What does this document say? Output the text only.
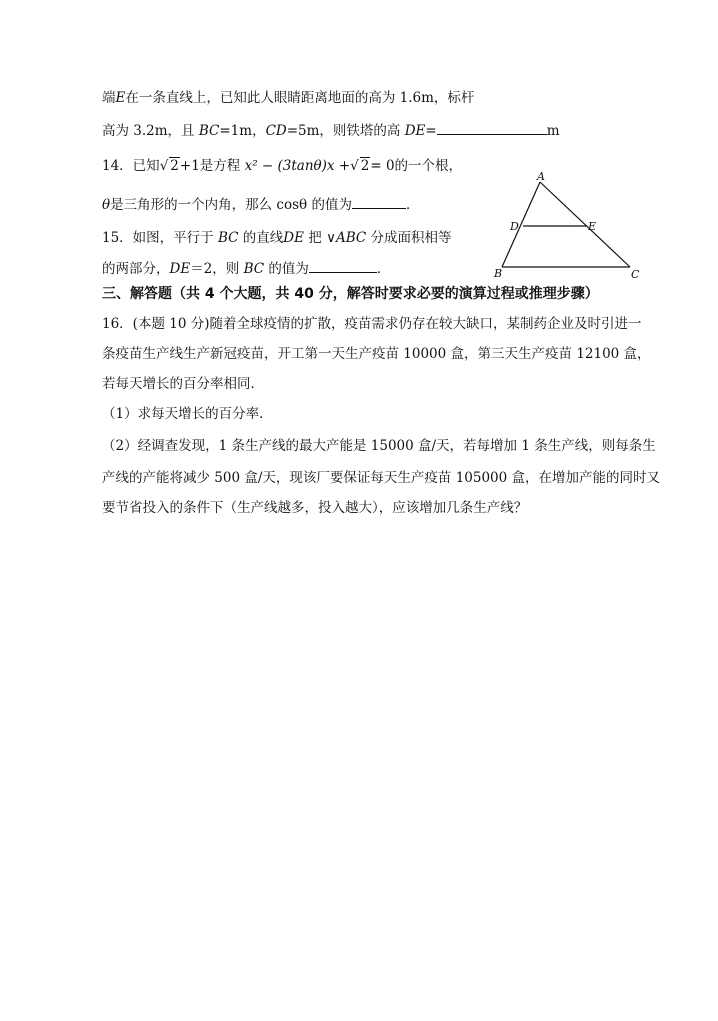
端E在一条直线上，已知此人眼睛距离地面的高为 1.6m，标杆
高为 3.2m，且 BC=1m，CD=5m，则铁塔的高 DE=	m
14．已知√ 2+1是方程 x² − (3tanθ)x +√ 2= 0的一个根，
θ是三角形的一个内角，那么 cosθ 的值为	．
15．如图，平行于 BC 的直线DE 把 ∨ABC 分成面积相等
的两部分，DE＝2，则 BC 的值为	．
A
B	C
D	E
三、解答题（共 4 个大题，共 40 分，解答时要求必要的演算过程或推理步骤）
16．(本题 10 分)随着全球疫情的扩散，疫苗需求仍存在较大缺口，某制药企业及时引进一
条疫苗生产线生产新冠疫苗，开工第一天生产疫苗 10000 盒，第三天生产疫苗 12100 盒，
若每天增长的百分率相同．
（1）求每天增长的百分率．
（2）经调查发现，1 条生产线的最大产能是 15000 盒/天，若每增加 1 条生产线，则每条生
产线的产能将减少 500 盒/天，现该厂要保证每天生产疫苗 105000 盒，在增加产能的同时又
要节省投入的条件下（生产线越多，投入越大），应该增加几条生产线？
